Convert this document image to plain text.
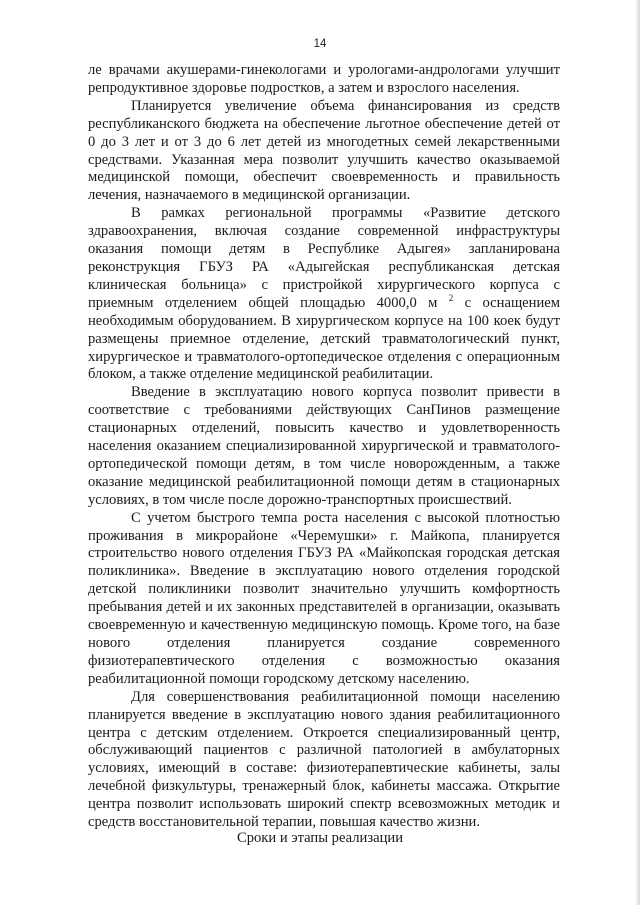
14

ле врачами акушерами-гинекологами и урологами-андрологами улучшит репродуктивное здоровье подростков, а затем и взрослого населения.

Планируется увеличение объема финансирования из средств республиканского бюджета на обеспечение льготное обеспечение детей от 0 до 3 лет и от 3 до 6 лет детей из многодетных семей лекарственными средствами. Указанная мера позволит улучшить качество оказываемой медицинской помощи, обеспечит своевременность и правильность лечения, назначаемого в медицинской организации.

В рамках региональной программы «Развитие детского здравоохранения, включая создание современной инфраструктуры оказания помощи детям в Республике Адыгея» запланирована реконструкция ГБУЗ РА «Адыгейская республиканская детская клиническая больница» с пристройкой хирургического корпуса с приемным отделением общей площадью 4000,0 м $^2$ с оснащением необходимым оборудованием. В хирургическом корпусе на 100 коек будут размещены приемное отделение, детский травматологический пункт, хирургическое и травматолого-ортопедическое отделения с операционным блоком, а также отделение медицинской реабилитации.

Введение в эксплуатацию нового корпуса позволит привести в соответствие с требованиями действующих СанПинов размещение стационарных отделений, повысить качество и удовлетворенность населения оказанием специализированной хирургической и травматолого-ортопедической помощи детям, в том числе новорожденным, а также оказание медицинской реабилитационной помощи детям в стационарных условиях, в том числе после дорожно-транспортных происшествий.

С учетом быстрого темпа роста населения с высокой плотностью проживания в микрорайоне «Черемушки» г. Майкопа, планируется строительство нового отделения ГБУЗ РА «Майкопская городская детская поликлиника». Введение в эксплуатацию нового отделения городской детской поликлиники позволит значительно улучшить комфортность пребывания детей и их законных представителей в организации, оказывать своевременную и качественную медицинскую помощь. Кроме того, на базе нового отделения планируется создание современного физиотерапевтического отделения с возможностью оказания реабилитационной помощи городскому детскому населению.

Для совершенствования реабилитационной помощи населению планируется введение в эксплуатацию нового здания реабилитационного центра с детским отделением. Откроется специализированный центр, обслуживающий пациентов с различной патологией в амбулаторных условиях, имеющий в составе: физиотерапевтические кабинеты, залы лечебной физкультуры, тренажерный блок, кабинеты массажа. Открытие центра позволит использовать широкий спектр всевозможных методик и средств восстановительной терапии, повышая качество жизни.

Сроки и этапы реализации
